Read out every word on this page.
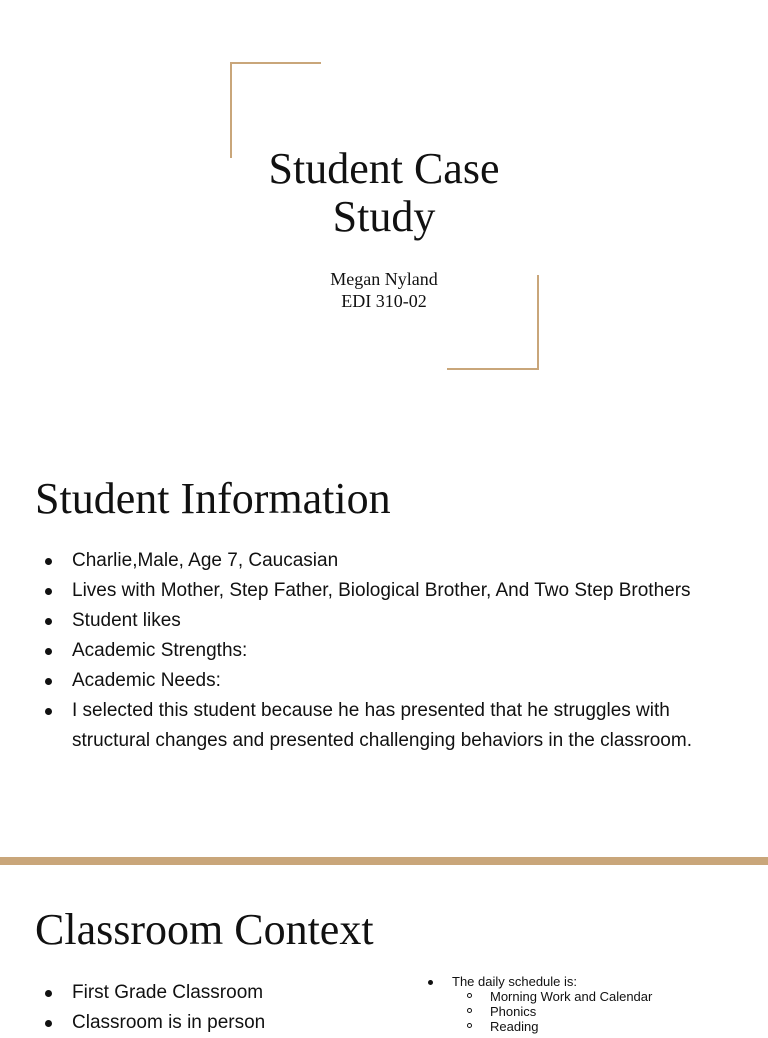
Student Case
Study
Megan Nyland
EDI 310-02
Student Information
Charlie,Male, Age 7, Caucasian
Lives with Mother, Step Father, Biological Brother, And Two Step Brothers
Student likes
Academic Strengths:
Academic Needs:
I selected this student because he has presented that he struggles with structural changes and presented challenging behaviors in the classroom.
Classroom Context
First Grade Classroom
Classroom is in person
The daily schedule is:
Morning Work and Calendar
Phonics
Reading
